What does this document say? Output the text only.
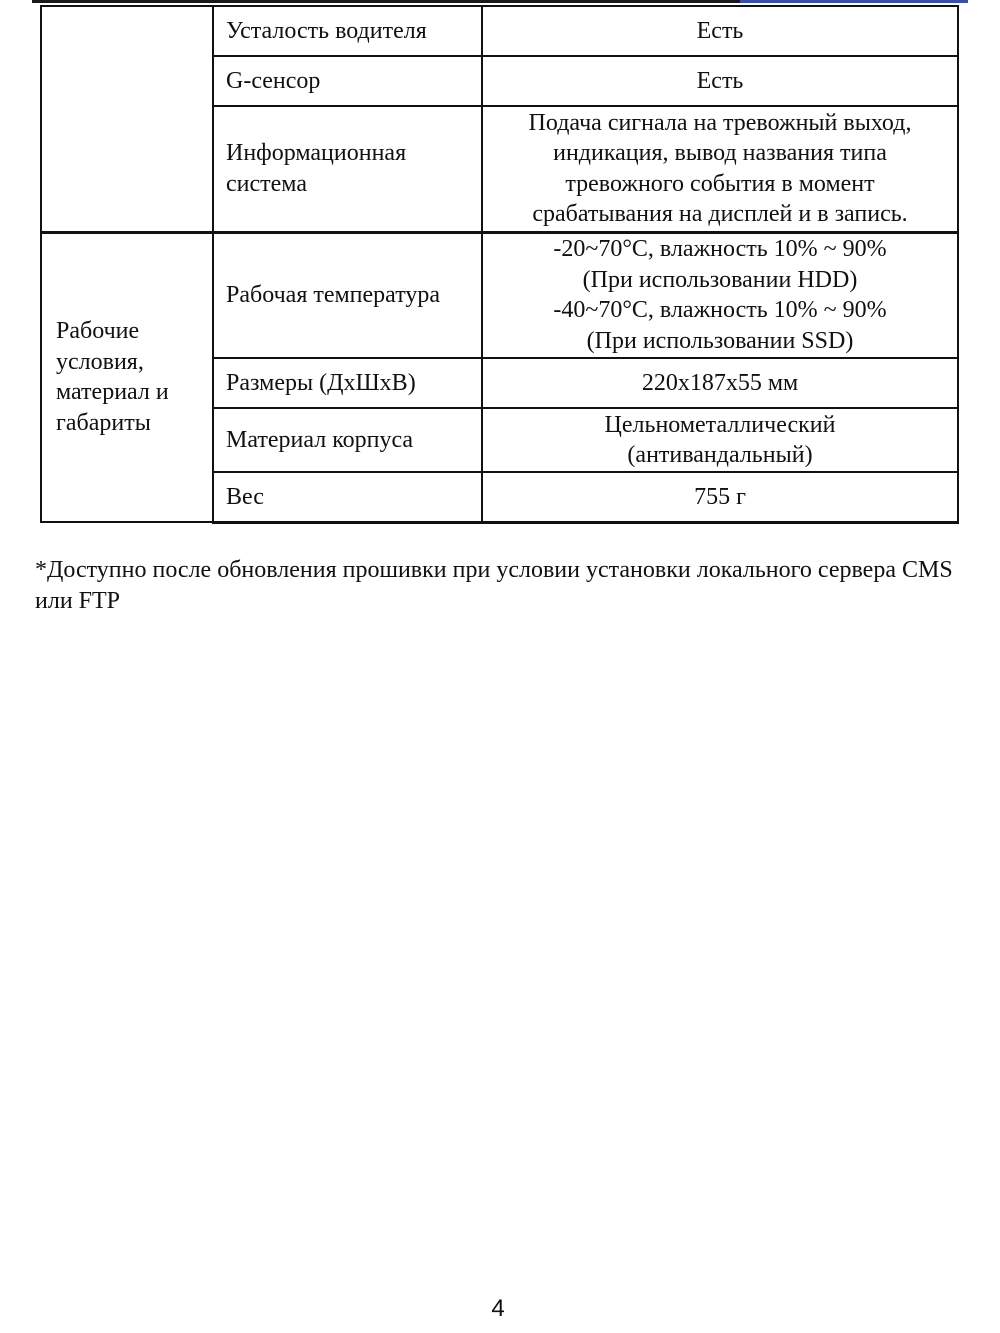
	Усталость водителя	Есть

	G-сенсор	Есть

	Информационная система	Подача сигнала на тревожный выход,
индикация, вывод названия типа
тревожного события в момент
срабатывания на дисплей и в запись.

Рабочие условия, материал и габариты	Рабочая температура	-20~70°С, влажность 10% ~ 90%
(При использовании HDD)
-40~70°С, влажность 10% ~ 90%
(При использовании SSD)

	Размеры (ДхШхВ)	220x187x55 мм

	Материал корпуса	Цельнометаллический
(антивандальный)

	Вес	755 г
*Доступно после обновления прошивки при условии установки локального сервера CMS или FTP
4
